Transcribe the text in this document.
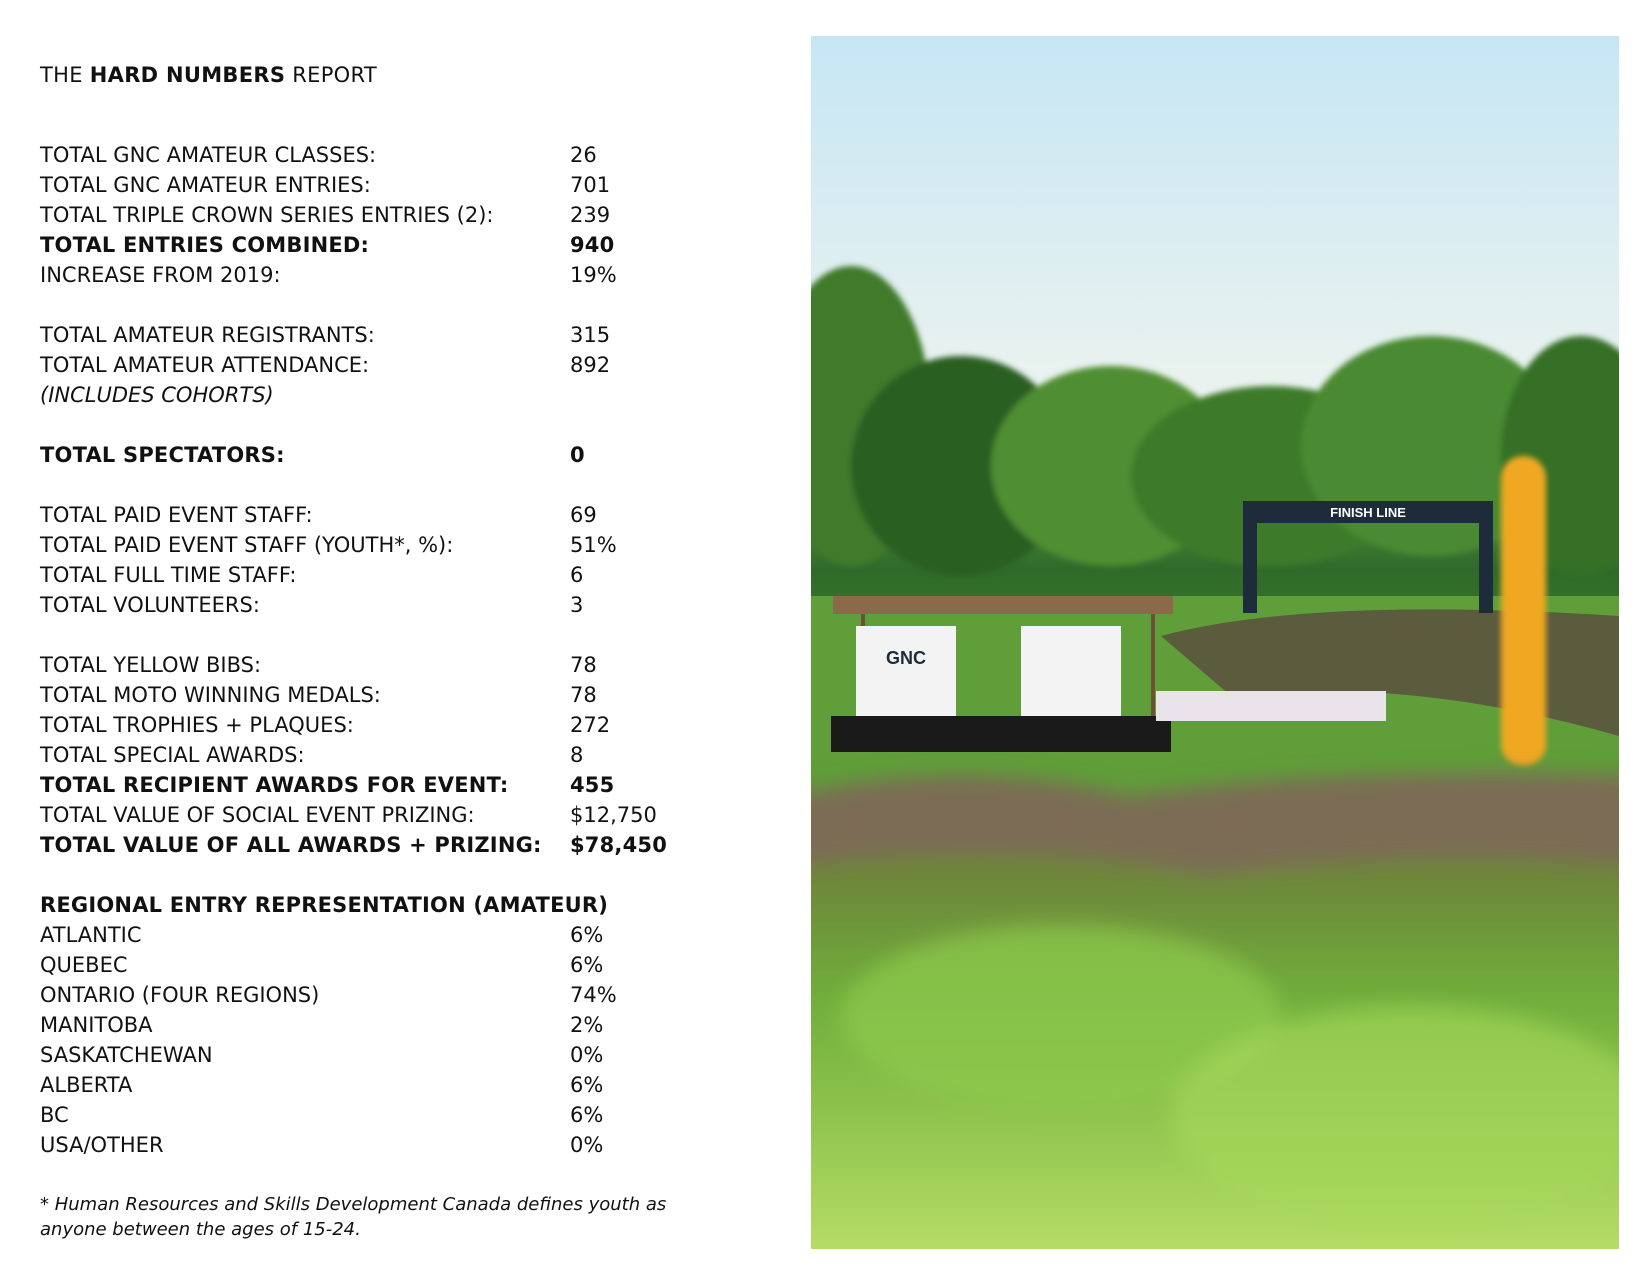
THE HARD NUMBERS REPORT
TOTAL GNC AMATEUR CLASSES:	26
TOTAL GNC AMATEUR ENTRIES:	701
TOTAL TRIPLE CROWN SERIES ENTRIES (2):	239
TOTAL ENTRIES COMBINED:	940
INCREASE FROM 2019:	19%
TOTAL AMATEUR REGISTRANTS:	315
TOTAL AMATEUR ATTENDANCE:	892
(INCLUDES COHORTS)
TOTAL SPECTATORS:	0
TOTAL PAID EVENT STAFF:	69
TOTAL PAID EVENT STAFF (YOUTH*, %):	51%
TOTAL FULL TIME STAFF:	6
TOTAL VOLUNTEERS:	3
TOTAL YELLOW BIBS:	78
TOTAL MOTO WINNING MEDALS:	78
TOTAL TROPHIES + PLAQUES:	272
TOTAL SPECIAL AWARDS:	8
TOTAL RECIPIENT AWARDS FOR EVENT:	455
TOTAL VALUE OF SOCIAL EVENT PRIZING:	$12,750
TOTAL VALUE OF ALL AWARDS + PRIZING: $78,450
REGIONAL ENTRY REPRESENTATION (AMATEUR)
ATLANTIC	6%
QUEBEC	6%
ONTARIO (FOUR REGIONS)	74%
MANITOBA	2%
SASKATCHEWAN	0%
ALBERTA	6%
BC	6%
USA/OTHER	0%
* Human Resources and Skills Development Canada defines youth as
anyone between the ages of 15-24.
FINISH LINE
GNC
